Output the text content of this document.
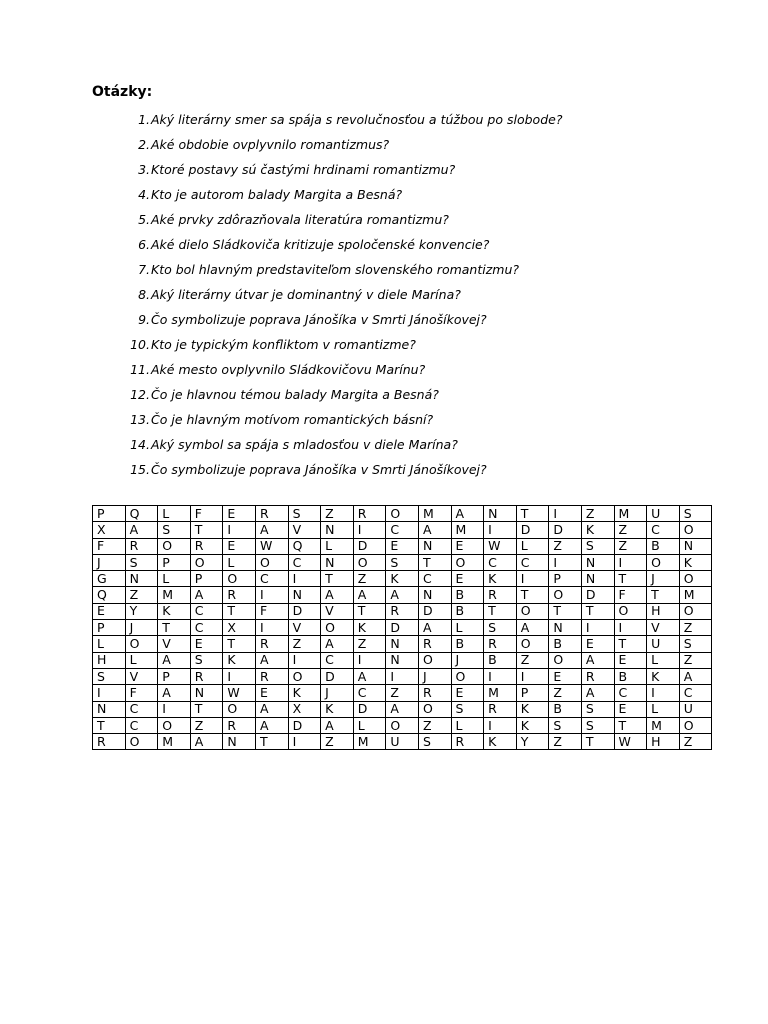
Otázky:
1.Aký literárny smer sa spája s revolučnosťou a túžbou po slobode?
2.Aké obdobie ovplyvnilo romantizmus?
3.Ktoré postavy sú častými hrdinami romantizmu?
4.Kto je autorom balady Margita a Besná?
5.Aké prvky zdôrazňovala literatúra romantizmu?
6.Aké dielo Sládkoviča kritizuje spoločenské konvencie?
7.Kto bol hlavným predstaviteľom slovenského romantizmu?
8.Aký literárny útvar je dominantný v diele Marína?
9.Čo symbolizuje poprava Jánošíka v Smrti Jánošíkovej?
10.Kto je typickým konfliktom v romantizme?
11.Aké mesto ovplyvnilo Sládkovičovu Marínu?
12.Čo je hlavnou témou balady Margita a Besná?
13.Čo je hlavným motívom romantických básní?
14.Aký symbol sa spája s mladosťou v diele Marína?
15.Čo symbolizuje poprava Jánošíka v Smrti Jánošíkovej?
P	Q	L	F	E	R	S	Z	R	O	M	A	N	T	I	Z	M	U	S
X	A	S	T	I	A	V	N	I	C	A	M	I	D	D	K	Z	C	O
F	R	O	R	E	W	Q	L	D	E	N	E	W	L	Z	S	Z	B	N
J	S	P	O	L	O	C	N	O	S	T	O	C	C	I	N	I	O	K
G	N	L	P	O	C	I	T	Z	K	C	E	K	I	P	N	T	J	O
Q	Z	M	A	R	I	N	A	A	A	N	B	R	T	O	D	F	T	M
E	Y	K	C	T	F	D	V	T	R	D	B	T	O	T	T	O	H	O
P	J	T	C	X	I	V	O	K	D	A	L	S	A	N	I	I	V	Z
L	O	V	E	T	R	Z	A	Z	N	R	B	R	O	B	E	T	U	S
H	L	A	S	K	A	I	C	I	N	O	J	B	Z	O	A	E	L	Z
S	V	P	R	I	R	O	D	A	I	J	O	I	I	E	R	B	K	A
I	F	A	N	W	E	K	J	C	Z	R	E	M	P	Z	A	C	I	C
N	C	I	T	O	A	X	K	D	A	O	S	R	K	B	S	E	L	U
T	C	O	Z	R	A	D	A	L	O	Z	L	I	K	S	S	T	M	O
R	O	M	A	N	T	I	Z	M	U	S	R	K	Y	Z	T	W	H	Z
